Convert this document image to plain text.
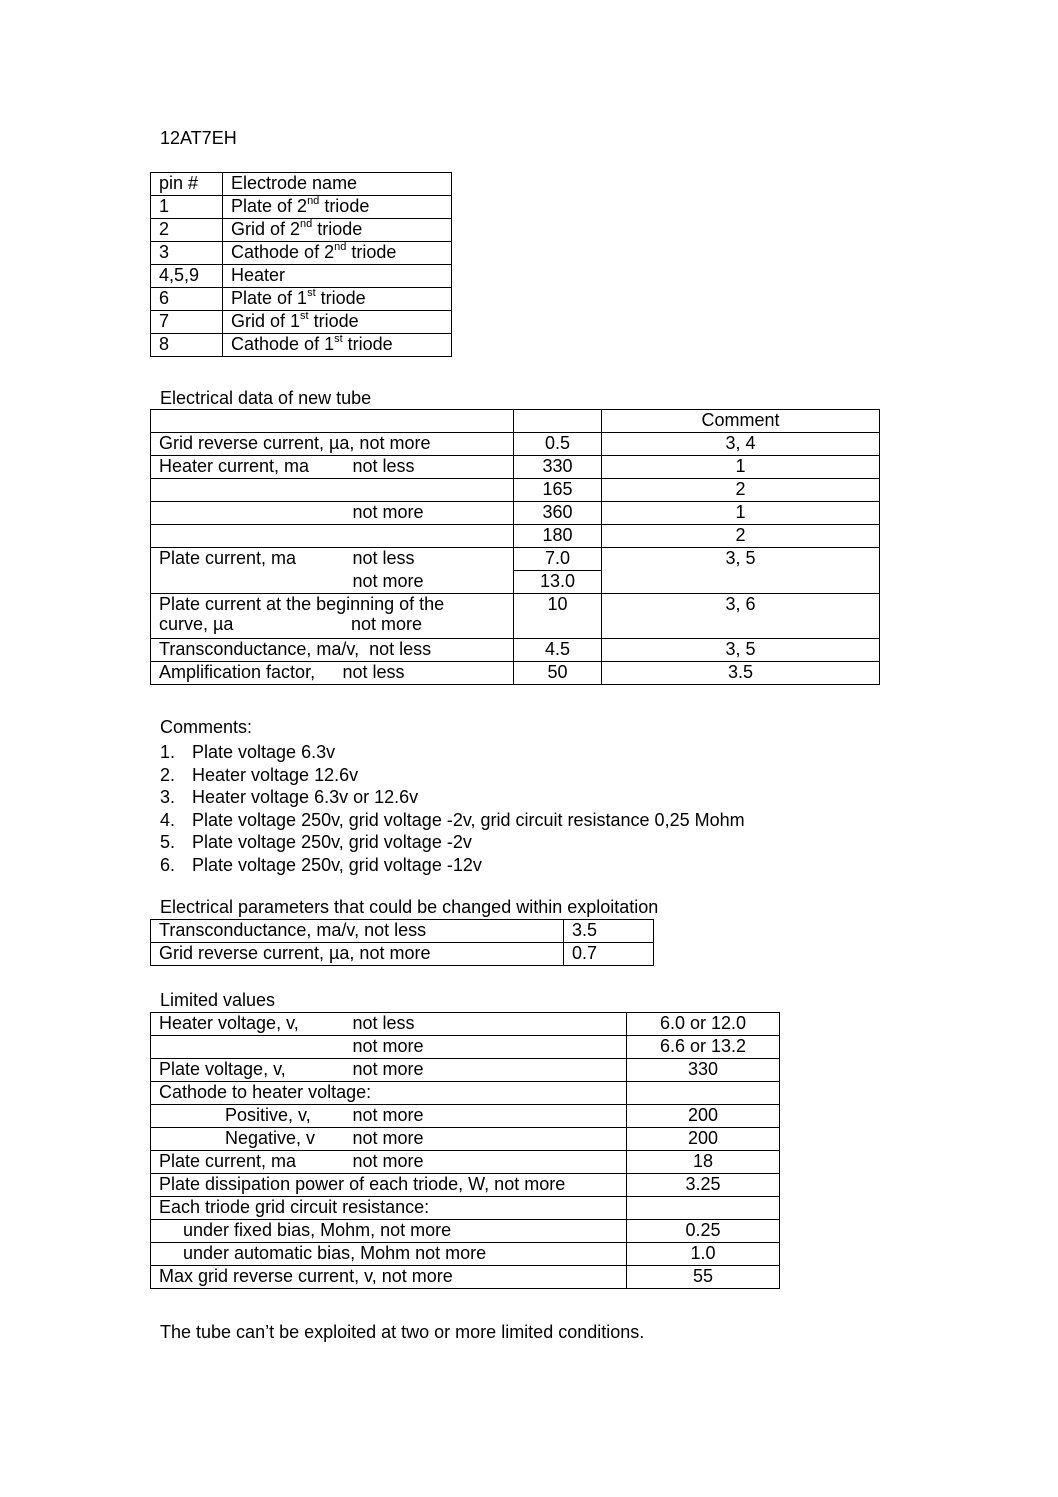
12AT7EH
pin #	Electrode name
1	Plate of 2nd triode
2	Grid of 2nd triode
3	Cathode of 2nd triode
4,5,9	Heater
6	Plate of 1st triode
7	Grid of 1st triode
8	Cathode of 1st triode
Electrical data of new tube
			Comment
Grid reverse current, µa, not more		0.5	3, 4
Heater current, ma	not less	330	1
		165	2
	not more	360	1
		180	2
Plate current, ma	not less	7.0	3, 5
	not more	13.0	

Plate current at the beginning of the
curve, µa not more		10	3, 6
Transconductance, ma/v,  not less		4.5	3, 5
Amplification factor,	not less	50	3.5
Comments:
1. Plate voltage 6.3v
2. Heater voltage 12.6v
3. Heater voltage 6.3v or 12.6v
4. Plate voltage 250v, grid voltage -2v, grid circuit resistance 0,25 Mohm
5. Plate voltage 250v, grid voltage -2v
6. Plate voltage 250v, grid voltage -12v
Electrical parameters that could be changed within exploitation
Transconductance, ma/v, not less	3.5
Grid reverse current, µa, not more	0.7
Limited values
Heater voltage, v,	not less	6.0 or 12.0
	not more	6.6 or 13.2
Plate voltage, v,	not more	330
Cathode to heater voltage:		
Positive, v,	not more	200
Negative, v	not more	200
Plate current, ma	not more	18
Plate dissipation power of each triode, W, not more		3.25
Each triode grid circuit resistance:		
under fixed bias, Mohm, not more		0.25
under automatic bias, Mohm not more		1.0
Max grid reverse current, v, not more		55
The tube can’t be exploited at two or more limited conditions.
